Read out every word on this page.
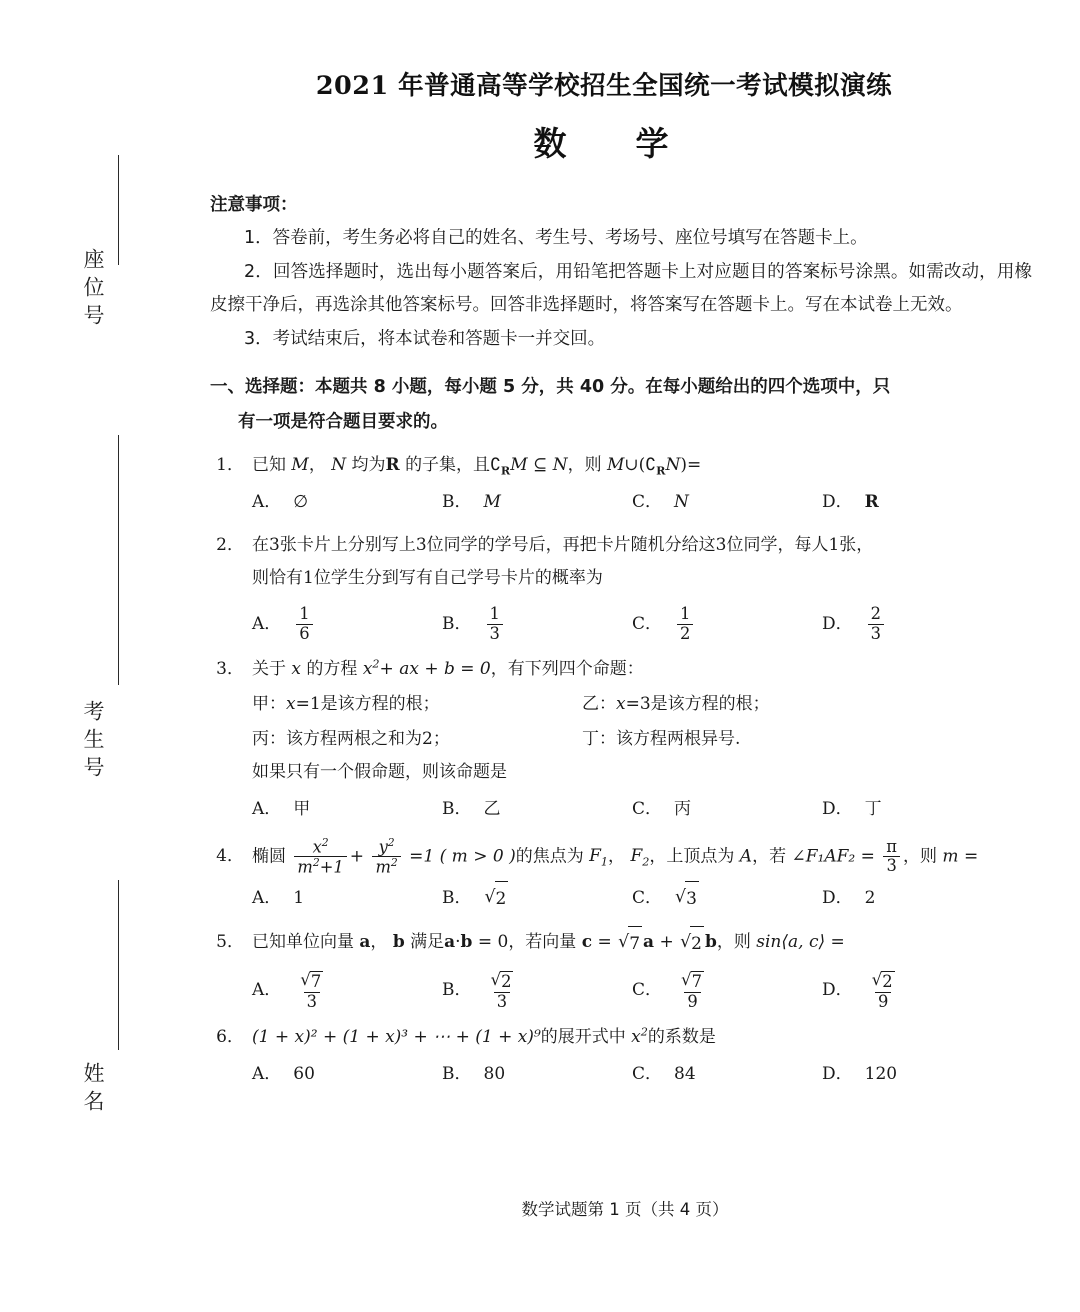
座位号
考生号
姓名
2021 年普通高等学校招生全国统一考试模拟演练
数　学
注意事项：
1．答卷前，考生务必将自己的姓名、考生号、考场号、座位号填写在答题卡上。
2．回答选择题时，选出每小题答案后，用铅笔把答题卡上对应题目的答案标号涂黑。如需改动，用橡皮擦干净后，再选涂其他答案标号。回答非选择题时，将答案写在答题卡上。写在本试卷上无效。
3．考试结束后，将本试卷和答题卡一并交回。
一、选择题：本题共 8 小题，每小题 5 分，共 40 分。在每小题给出的四个选项中，只
有一项是符合题目要求的。
1． 已知 M， N 均为R 的子集，且$∁_RM$ ⊆ N，则 $M\cup(∁_RN)=$
A． ∅	B． M	C． N	D． R
2． 在3张卡片上分别写上3位同学的学号后，再把卡片随机分给这3位同学，每人1张，
则恰有1位学生分到写有自己学号卡片的概率为
A． $\frac{1}{6}$	B． $\frac{1}{3}$	C． $\frac{1}{2}$	D． $\frac{2}{3}$
3． 关于 x 的方程 $x^2+$ ax + b = 0，有下列四个命题：
甲：x=1是该方程的根；	乙：x=3是该方程的根；
丙：该方程两根之和为2；	丁：该方程两根异号.
如果只有一个假命题，则该命题是
A． 甲	B． 乙	C． 丙	D． 丁
4． 椭圆 $\frac{x^2}{m^2+1} + \frac{y^2}{m^2} =1$ ( m > 0 )的焦点为 $F_1$， $F_2$，上顶点为 A，若 ∠F₁AF₂ = $\frac{\pi}{3}$ ，则 m =
A． 1	B． √ 2	C． √ 3	D． 2
5． 已知单位向量 a， b 满足a·b = 0，若向量 c = √ 7 a + √ 2 b，则 sin⟨a, c⟩ =
A． $\frac{√ 7}{3}$	B． $\frac{√ 2}{3}$	C． $\frac{√ 7}{9}$	D． $\frac{√ 2}{9}$
6． (1 + x)² + (1 + x)³ + ⋯ + (1 + x)⁹的展开式中 $x^2$的系数是
A． 60	B． 80	C． 84	D． 120
数学试题第 1 页（共 4 页）
